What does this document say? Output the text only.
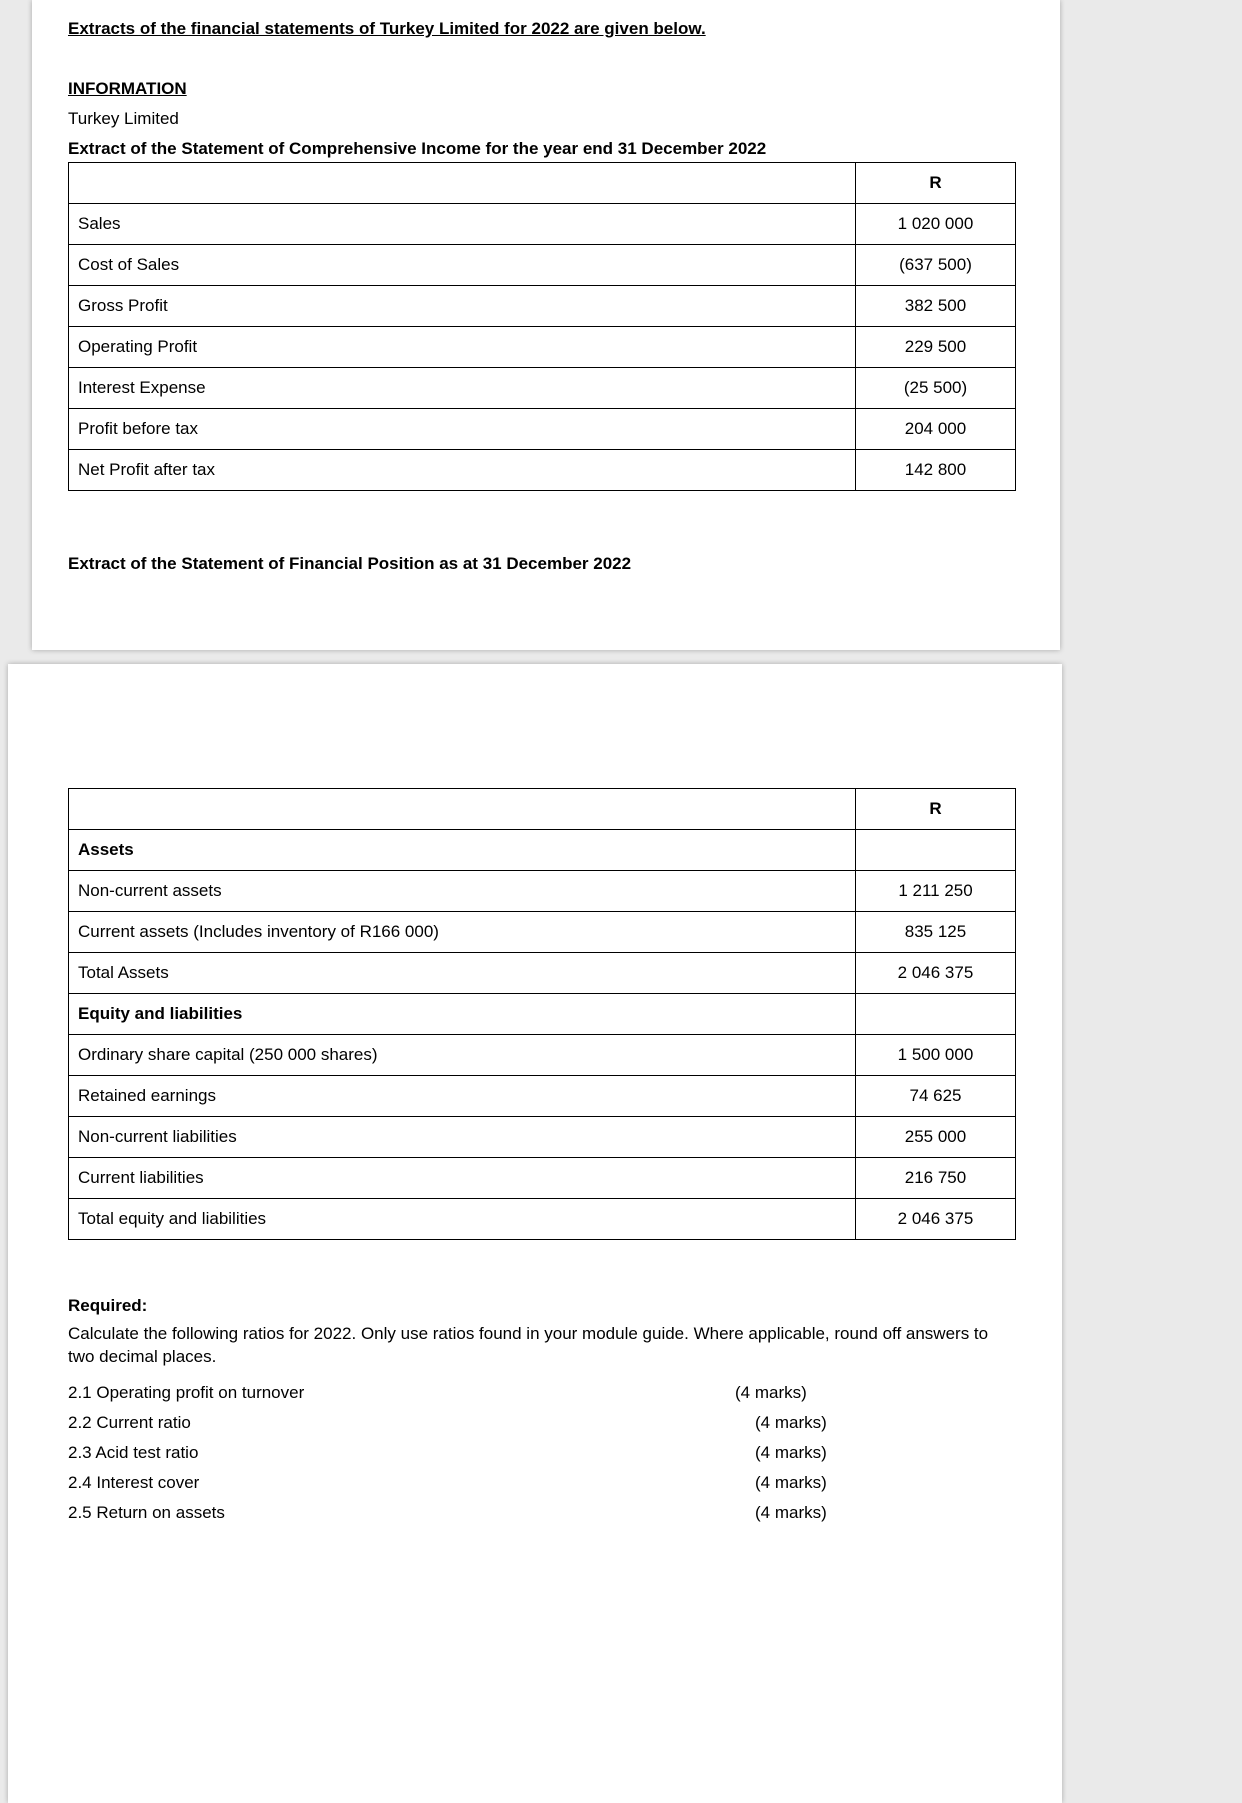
Extracts of the financial statements of Turkey Limited for 2022 are given below.
INFORMATION
Turkey Limited
Extract of the Statement of Comprehensive Income for the year end 31 December 2022
	R
Sales	1 020 000
Cost of Sales	(637 500)
Gross Profit	382 500
Operating Profit	229 500
Interest Expense	(25 500)
Profit before tax	204 000
Net Profit after tax	142 800
Extract of the Statement of Financial Position as at 31 December 2022
	R
Assets	
Non-current assets	1 211 250
Current assets (Includes inventory of R166 000)	835 125
Total Assets	2 046 375
Equity and liabilities	
Ordinary share capital (250 000 shares)	1 500 000
Retained earnings	74 625
Non-current liabilities	255 000
Current liabilities	216 750
Total equity and liabilities	2 046 375
Required:
Calculate the following ratios for 2022. Only use ratios found in your module guide. Where applicable, round off answers to two decimal places.
2.1 Operating profit on turnover	(4 marks)
2.2 Current ratio	(4 marks)
2.3 Acid test ratio	(4 marks)
2.4 Interest cover	(4 marks)
2.5 Return on assets	(4 marks)
